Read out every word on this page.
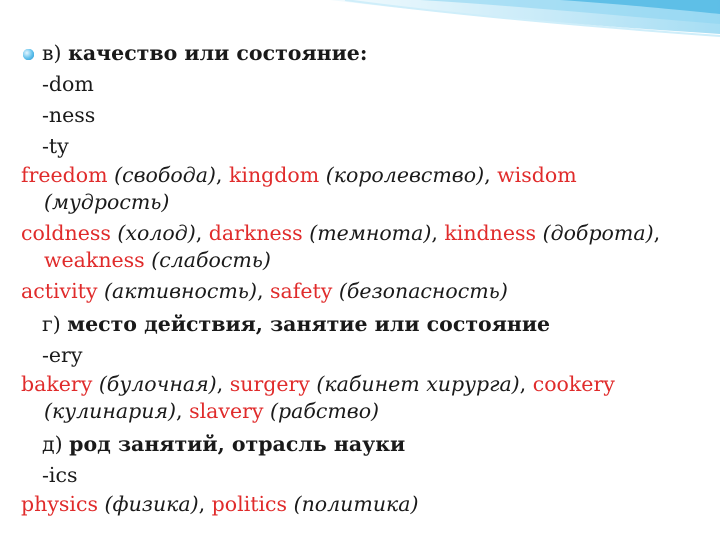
в) качество или состояние:
-dom
-ness
-ty
freedom (свобода), kingdom (королевство), wisdom
(мудрость)
coldness (холод), darkness (темнота), kindness (доброта),
weakness (слабость)
activity (активность), safety (безопасность)
г) место действия, занятие или состояние
-ery
bakery (булочная), surgery (кабинет хирурга), cookery
(кулинария), slavery (рабство)
д) род занятий, отрасль науки
-ics
physics (физика), politics (политика)
